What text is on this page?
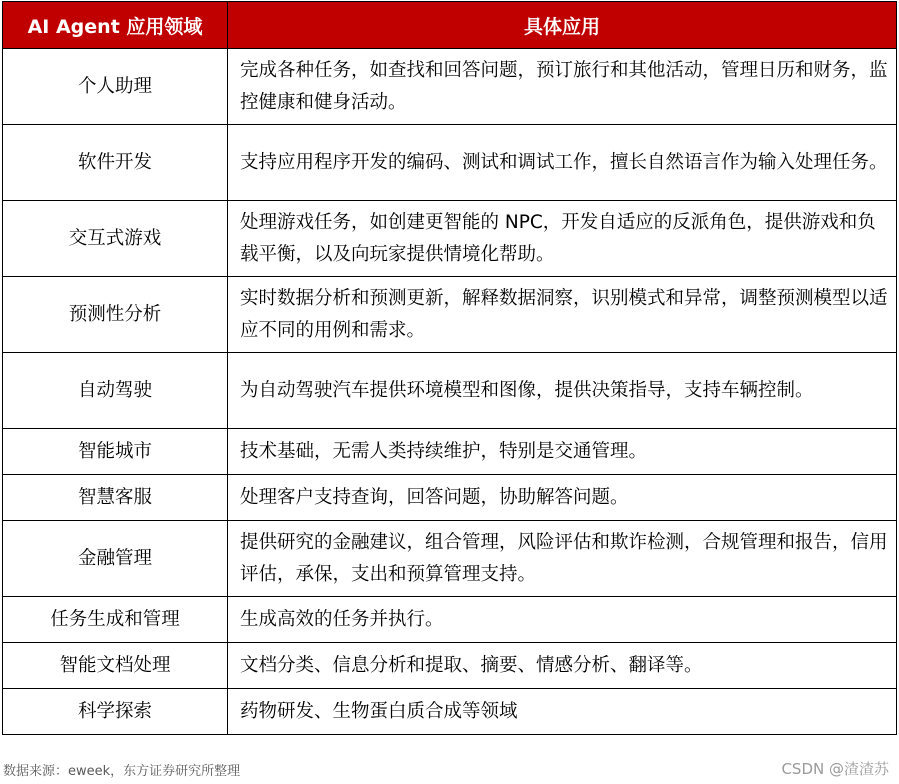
AI Agent 应用领域	具体应用
个人助理	完成各种任务，如查找和回答问题，预订旅行和其他活动，管理日历和财务，监控健康和健身活动。
软件开发	支持应用程序开发的编码、测试和调试工作，擅长自然语言作为输入处理任务。
交互式游戏	处理游戏任务，如创建更智能的 NPC，开发自适应的反派角色，提供游戏和负载平衡，以及向玩家提供情境化帮助。
预测性分析	实时数据分析和预测更新，解释数据洞察，识别模式和异常，调整预测模型以适应不同的用例和需求。
自动驾驶	为自动驾驶汽车提供环境模型和图像，提供决策指导，支持车辆控制。
智能城市	技术基础，无需人类持续维护，特别是交通管理。
智慧客服	处理客户支持查询，回答问题，协助解答问题。
金融管理	提供研究的金融建议，组合管理，风险评估和欺诈检测，合规管理和报告，信用评估，承保，支出和预算管理支持。
任务生成和管理	生成高效的任务并执行。
智能文档处理	文档分类、信息分析和提取、摘要、情感分析、翻译等。
科学探索	药物研发、生物蛋白质合成等领域
数据来源：eweek，东方证券研究所整理	CSDN @渣渣苏
